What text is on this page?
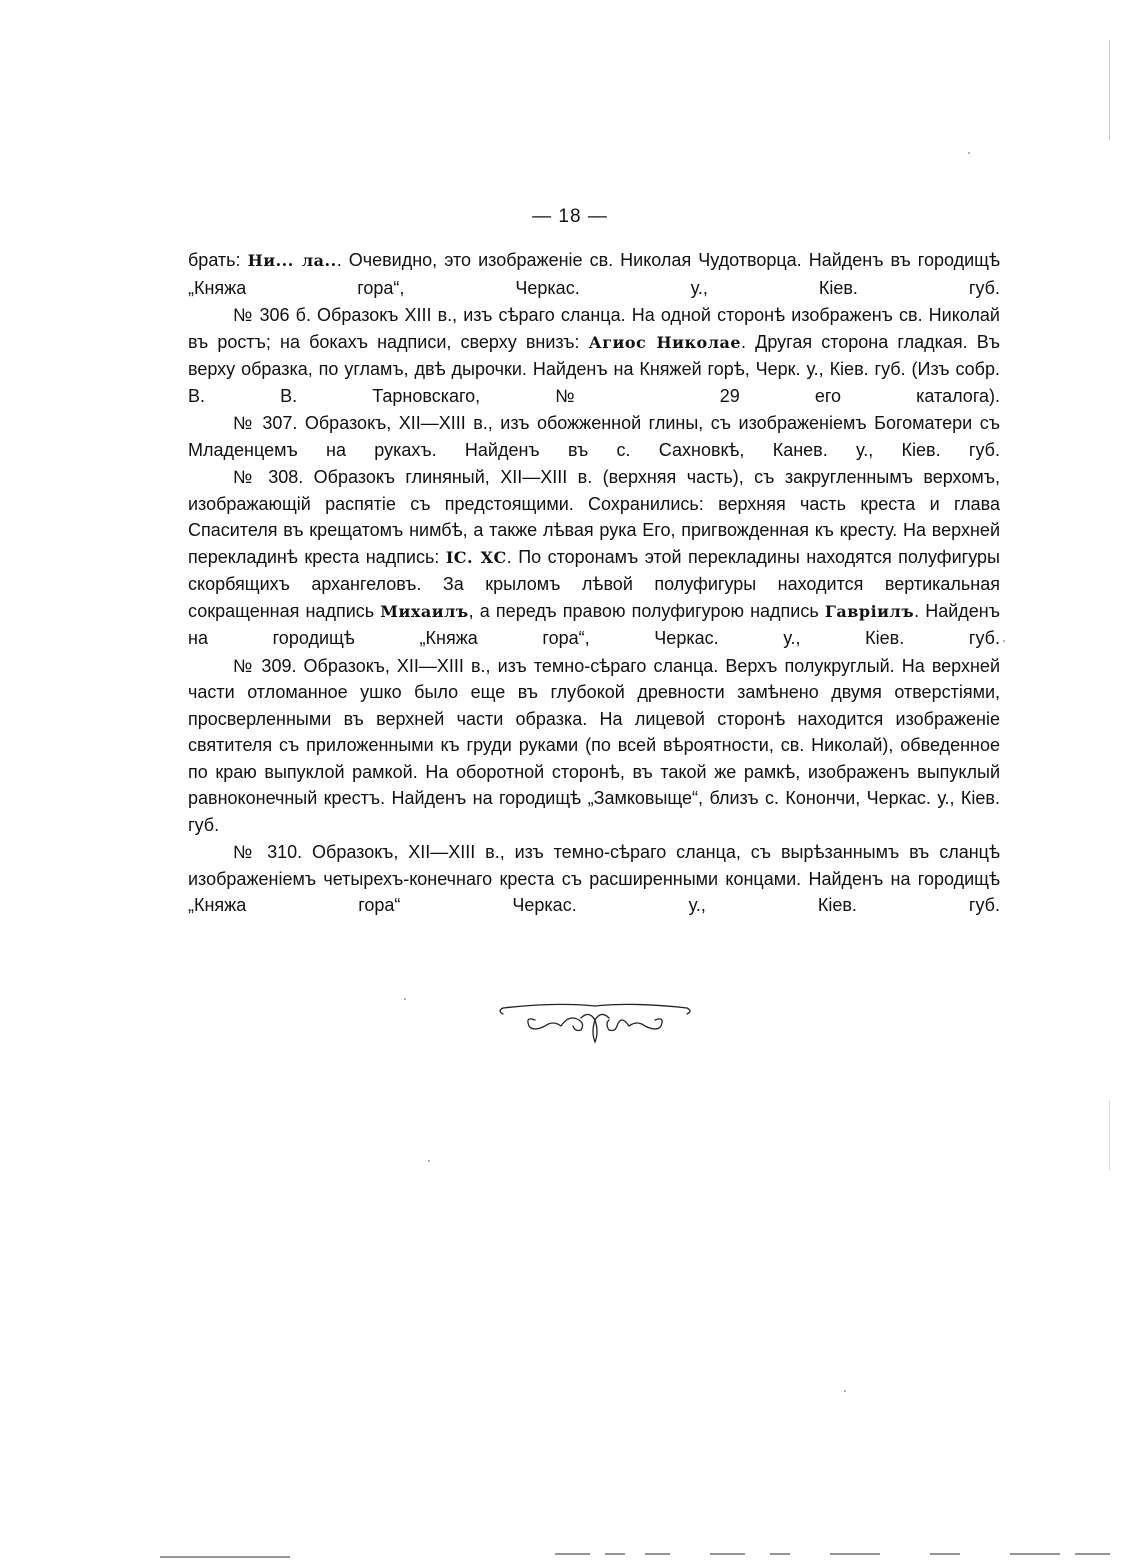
— 18 —

брать: Ни... ла... Очевидно, это изображенiе св. Николая Чудотворца. Найденъ въ городищѣ „Княжа гора“, Черкас. у., Кiев. губ.

№ 306 б. Образокъ XIII в., изъ сѣраго сланца. На одной сторонѣ изображенъ св. Николай въ ростъ; на бокахъ надписи, сверху внизъ: Агиос Николае. Другая сторона гладкая. Въ верху образка, по угламъ, двѣ дырочки. Найденъ на Княжей горѣ, Черк. у., Кiев. губ. (Изъ собр. В. В. Тарновскаго, № 29 его каталога).

№ 307. Образокъ, XII—XIII в., изъ обожженной глины, съ изображенiемъ Богоматери съ Младенцемъ на рукахъ. Найденъ въ с. Сахновкѣ, Канев. у., Кiев. губ.

№ 308. Образокъ глиняный, XII—XIII в. (верхняя часть), съ закругленнымъ верхомъ, изображающiй распятiе съ предстоящими. Сохранились: верхняя часть креста и глава Спасителя въ крещатомъ нимбѣ, а также лѣвая рука Его, пригвожденная къ кресту. На верхней перекладинѣ креста надпись: IС. ХС. По сторонамъ этой перекладины находятся полуфигуры скорбящихъ архангеловъ. За крыломъ лѣвой полуфигуры находится вертикальная сокращенная надпись Михаилъ, а передъ правою полуфигурою надпись Гаврiилъ. Найденъ на городищѣ „Княжа гора“, Черкас. у., Кiев. губ.

№ 309. Образокъ, XII—XIII в., изъ темно-сѣраго сланца. Верхъ полукруглый. На верхней части отломанное ушко было еще въ глубокой древности замѣнено двумя отверстiями, просверленными въ верхней части образка. На лицевой сторонѣ находится изображенiе святителя съ приложенными къ груди руками (по всей вѣроятности, св. Николай), обведенное по краю выпуклой рамкой. На оборотной сторонѣ, въ такой же рамкѣ, изображенъ выпуклый равноконечный крестъ. Найденъ на городищѣ „Замковыще“, близъ с. Конончи, Черкас. у., Кiев. губ.

№ 310. Образокъ, XII—XIII в., изъ темно-сѣраго сланца, съ вырѣзаннымъ въ сланцѣ изображенiемъ четырехъ-конечнаго креста съ расширенными концами. Найденъ на городищѣ „Княжа гора“ Черкас. у., Кiев. губ.
